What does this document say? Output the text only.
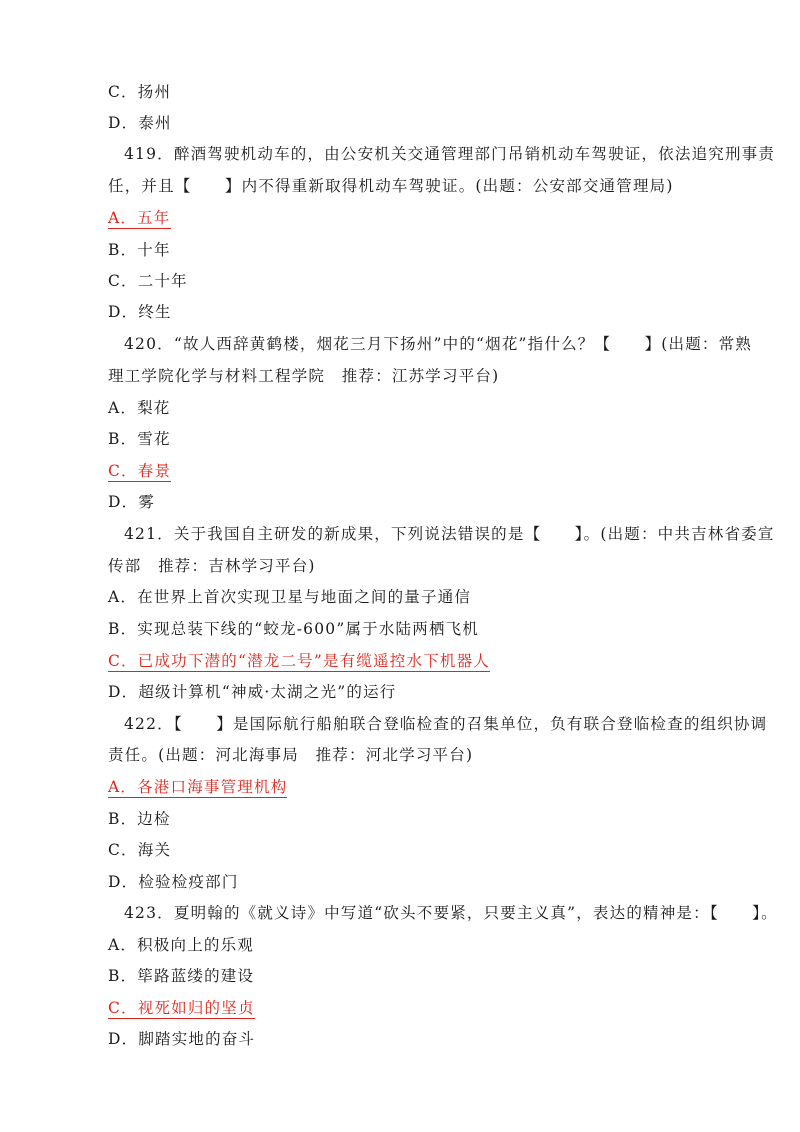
C．扬州
D．泰州
419．醉酒驾驶机动车的，由公安机关交通管理部门吊销机动车驾驶证，依法追究刑事责
任，并且【　　】内不得重新取得机动车驾驶证。(出题：公安部交通管理局)
A．五年
B．十年
C．二十年
D．终生
420．“故人西辞黄鹤楼，烟花三月下扬州”中的“烟花”指什么？【　　】(出题：常熟
理工学院化学与材料工程学院　推荐：江苏学习平台)
A．梨花
B．雪花
C．春景
D．雾
421．关于我国自主研发的新成果，下列说法错误的是【　　】。(出题：中共吉林省委宣
传部　推荐：吉林学习平台)
A．在世界上首次实现卫星与地面之间的量子通信
B．实现总装下线的“蛟龙-600”属于水陆两栖飞机
C．已成功下潜的“潜龙二号”是有缆遥控水下机器人
D．超级计算机“神威·太湖之光”的运行
422．【　　】是国际航行船舶联合登临检查的召集单位，负有联合登临检查的组织协调
责任。(出题：河北海事局　推荐：河北学习平台)
A．各港口海事管理机构
B．边检
C．海关
D．检验检疫部门
423．夏明翰的《就义诗》中写道“砍头不要紧，只要主义真”，表达的精神是：【　　】。
A．积极向上的乐观
B．筚路蓝缕的建设
C．视死如归的坚贞
D．脚踏实地的奋斗
